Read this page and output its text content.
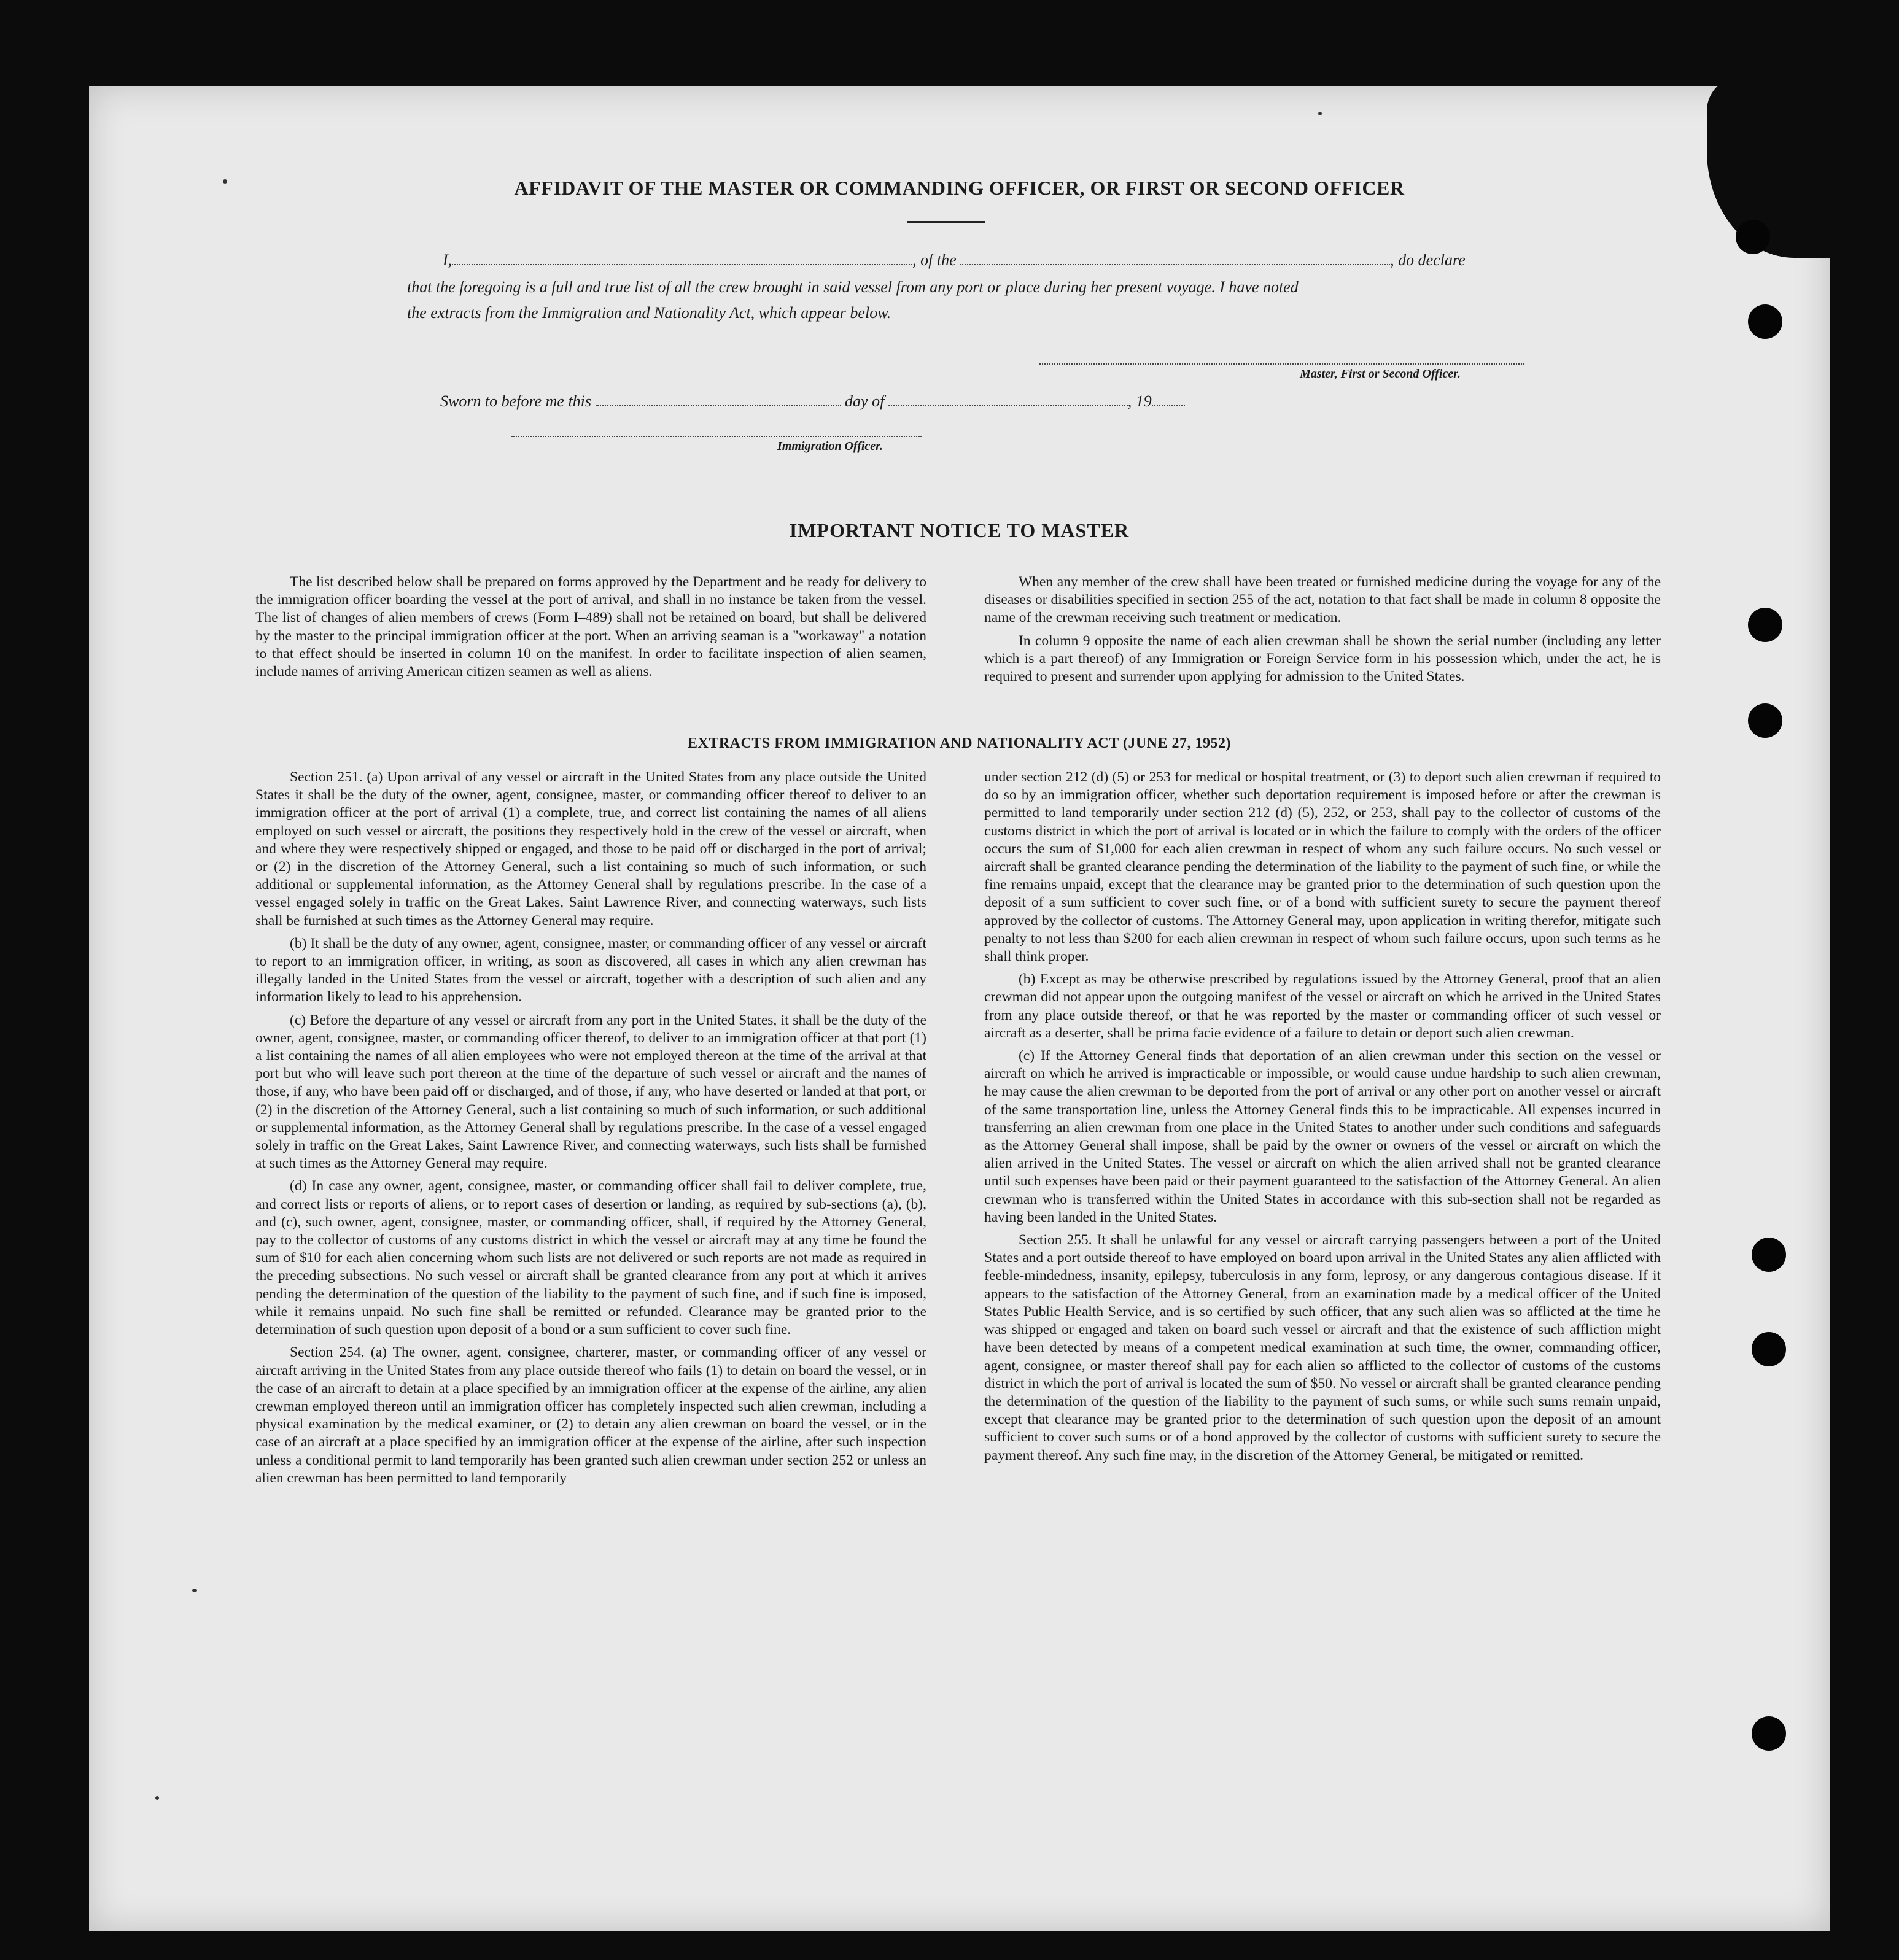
AFFIDAVIT OF THE MASTER OR COMMANDING OFFICER, OR FIRST OR SECOND OFFICER
I,	, of the	, do declare
that the foregoing is a full and true list of all the crew brought in said vessel from any port or place during her present voyage. I have noted
the extracts from the Immigration and Nationality Act, which appear below.
Master, First or Second Officer.
Sworn to before me this	day of	, 19
Immigration Officer.
IMPORTANT NOTICE TO MASTER

The list described below shall be prepared on forms approved by the Department and be ready for delivery to the immigration officer boarding the vessel at the port of arrival, and shall in no instance be taken from the vessel. The list of changes of alien members of crews (Form I–489) shall not be retained on board, but shall be delivered by the master to the principal immigration officer at the port. When an arriving seaman is a "workaway" a notation to that effect should be inserted in column 10 on the manifest. In order to facilitate inspection of alien seamen, include names of arriving American citizen seamen as well as aliens.

When any member of the crew shall have been treated or furnished medicine during the voyage for any of the diseases or disabilities specified in section 255 of the act, notation to that fact shall be made in column 8 opposite the name of the crewman receiving such treatment or medication.

In column 9 opposite the name of each alien crewman shall be shown the serial number (including any letter which is a part thereof) of any Immigration or Foreign Service form in his possession which, under the act, he is required to present and surrender upon applying for admission to the United States.

EXTRACTS FROM IMMIGRATION AND NATIONALITY ACT (JUNE 27, 1952)

Section 251. (a) Upon arrival of any vessel or aircraft in the United States from any place outside the United States it shall be the duty of the owner, agent, consignee, master, or commanding officer thereof to deliver to an immigration officer at the port of arrival (1) a complete, true, and correct list containing the names of all aliens employed on such vessel or aircraft, the positions they respectively hold in the crew of the vessel or aircraft, when and where they were respectively shipped or engaged, and those to be paid off or discharged in the port of arrival; or (2) in the discretion of the Attorney General, such a list containing so much of such information, or such additional or supplemental information, as the Attorney General shall by regulations prescribe. In the case of a vessel engaged solely in traffic on the Great Lakes, Saint Lawrence River, and connecting waterways, such lists shall be furnished at such times as the Attorney General may require.

(b) It shall be the duty of any owner, agent, consignee, master, or commanding officer of any vessel or aircraft to report to an immigration officer, in writing, as soon as discovered, all cases in which any alien crewman has illegally landed in the United States from the vessel or aircraft, together with a description of such alien and any information likely to lead to his apprehension.

(c) Before the departure of any vessel or aircraft from any port in the United States, it shall be the duty of the owner, agent, consignee, master, or commanding officer thereof, to deliver to an immigration officer at that port (1) a list containing the names of all alien employees who were not employed thereon at the time of the arrival at that port but who will leave such port thereon at the time of the departure of such vessel or aircraft and the names of those, if any, who have been paid off or discharged, and of those, if any, who have deserted or landed at that port, or (2) in the discretion of the Attorney General, such a list containing so much of such information, or such additional or supplemental information, as the Attorney General shall by regulations prescribe. In the case of a vessel engaged solely in traffic on the Great Lakes, Saint Lawrence River, and connecting waterways, such lists shall be furnished at such times as the Attorney General may require.

(d) In case any owner, agent, consignee, master, or commanding officer shall fail to deliver complete, true, and correct lists or reports of aliens, or to report cases of desertion or landing, as required by sub-sections (a), (b), and (c), such owner, agent, consignee, master, or commanding officer, shall, if required by the Attorney General, pay to the collector of customs of any customs district in which the vessel or aircraft may at any time be found the sum of $10 for each alien concerning whom such lists are not delivered or such reports are not made as required in the preceding subsections. No such vessel or aircraft shall be granted clearance from any port at which it arrives pending the determination of the question of the liability to the payment of such fine, and if such fine is imposed, while it remains unpaid. No such fine shall be remitted or refunded. Clearance may be granted prior to the determination of such question upon deposit of a bond or a sum sufficient to cover such fine.

Section 254. (a) The owner, agent, consignee, charterer, master, or commanding officer of any vessel or aircraft arriving in the United States from any place outside thereof who fails (1) to detain on board the vessel, or in the case of an aircraft to detain at a place specified by an immigration officer at the expense of the airline, any alien crewman employed thereon until an immigration officer has completely inspected such alien crewman, including a physical examination by the medical examiner, or (2) to detain any alien crewman on board the vessel, or in the case of an aircraft at a place specified by an immigration officer at the expense of the airline, after such inspection unless a conditional permit to land temporarily has been granted such alien crewman under section 252 or unless an alien crewman has been permitted to land temporarily

under section 212 (d) (5) or 253 for medical or hospital treatment, or (3) to deport such alien crewman if required to do so by an immigration officer, whether such deportation requirement is imposed before or after the crewman is permitted to land temporarily under section 212 (d) (5), 252, or 253, shall pay to the collector of customs of the customs district in which the port of arrival is located or in which the failure to comply with the orders of the officer occurs the sum of $1,000 for each alien crewman in respect of whom any such failure occurs. No such vessel or aircraft shall be granted clearance pending the determination of the liability to the payment of such fine, or while the fine remains unpaid, except that the clearance may be granted prior to the determination of such question upon the deposit of a sum sufficient to cover such fine, or of a bond with sufficient surety to secure the payment thereof approved by the collector of customs. The Attorney General may, upon application in writing therefor, mitigate such penalty to not less than $200 for each alien crewman in respect of whom such failure occurs, upon such terms as he shall think proper.

(b) Except as may be otherwise prescribed by regulations issued by the Attorney General, proof that an alien crewman did not appear upon the outgoing manifest of the vessel or aircraft on which he arrived in the United States from any place outside thereof, or that he was reported by the master or commanding officer of such vessel or aircraft as a deserter, shall be prima facie evidence of a failure to detain or deport such alien crewman.

(c) If the Attorney General finds that deportation of an alien crewman under this section on the vessel or aircraft on which he arrived is impracticable or impossible, or would cause undue hardship to such alien crewman, he may cause the alien crewman to be deported from the port of arrival or any other port on another vessel or aircraft of the same transportation line, unless the Attorney General finds this to be impracticable. All expenses incurred in transferring an alien crewman from one place in the United States to another under such conditions and safeguards as the Attorney General shall impose, shall be paid by the owner or owners of the vessel or aircraft on which the alien arrived in the United States. The vessel or aircraft on which the alien arrived shall not be granted clearance until such expenses have been paid or their payment guaranteed to the satisfaction of the Attorney General. An alien crewman who is transferred within the United States in accordance with this sub-section shall not be regarded as having been landed in the United States.

Section 255. It shall be unlawful for any vessel or aircraft carrying passengers between a port of the United States and a port outside thereof to have employed on board upon arrival in the United States any alien afflicted with feeble-mindedness, insanity, epilepsy, tuberculosis in any form, leprosy, or any dangerous contagious disease. If it appears to the satisfaction of the Attorney General, from an examination made by a medical officer of the United States Public Health Service, and is so certified by such officer, that any such alien was so afflicted at the time he was shipped or engaged and taken on board such vessel or aircraft and that the existence of such affliction might have been detected by means of a competent medical examination at such time, the owner, commanding officer, agent, consignee, or master thereof shall pay for each alien so afflicted to the collector of customs of the customs district in which the port of arrival is located the sum of $50. No vessel or aircraft shall be granted clearance pending the determination of the question of the liability to the payment of such sums, or while such sums remain unpaid, except that clearance may be granted prior to the determination of such question upon the deposit of an amount sufficient to cover such sums or of a bond approved by the collector of customs with sufficient surety to secure the payment thereof. Any such fine may, in the discretion of the Attorney General, be mitigated or remitted.
